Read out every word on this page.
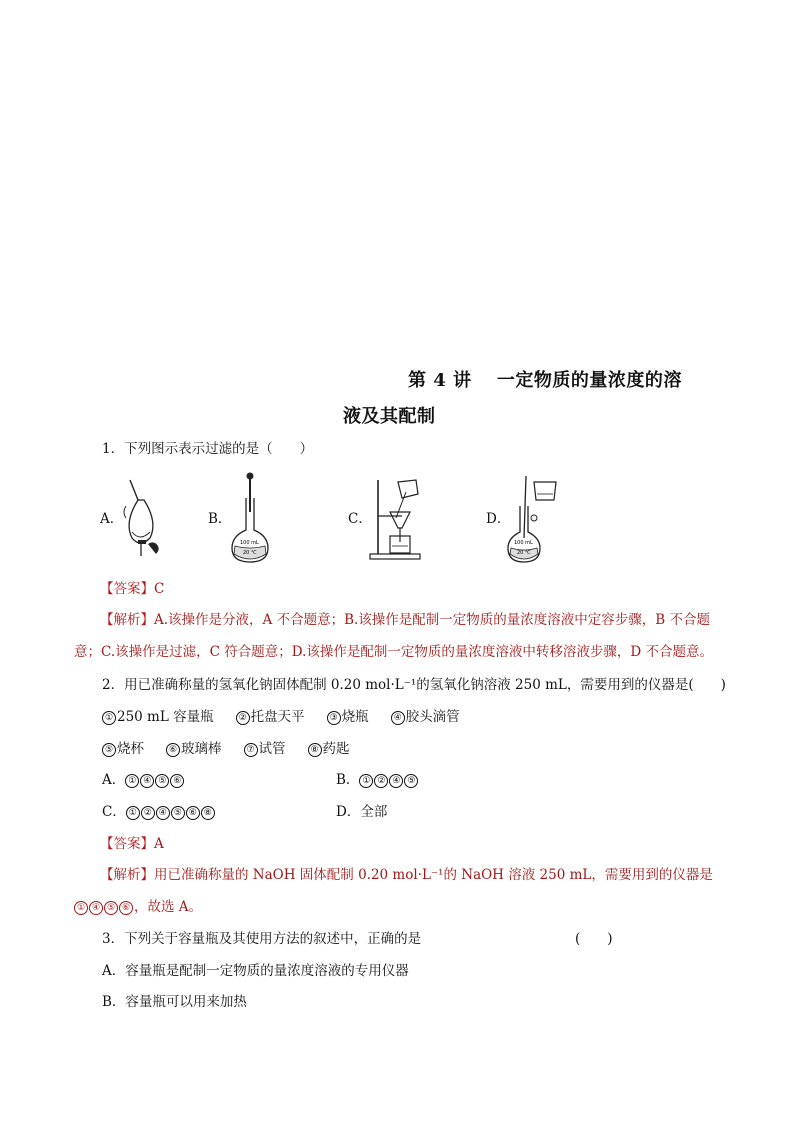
第 4 讲　 一定物质的量浓度的溶
液及其配制
1．下列图示表示过滤的是（　　）
A．	B．
100 mL
20 ℃
C．	D．
100 mL
20 ℃
【答案】C
【解析】A.该操作是分液，A 不合题意；B.该操作是配制一定物质的量浓度溶液中定容步骤，B 不合题
意；C.该操作是过滤，C 符合题意；D.该操作是配制一定物质的量浓度溶液中转移溶液步骤，D 不合题意。
2．用已准确称量的氢氧化钠固体配制 0.20 mol·L⁻¹的氢氧化钠溶液 250 mL，需要用到的仪器是(　　)
① 250 mL 容量瓶	② 托盘天平	③ 烧瓶	④ 胶头滴管
⑤ 烧杯	⑥ 玻璃棒	⑦ 试管	⑧ 药匙
A． ① ④ ⑤ ⑥	B． ① ② ④ ⑤
C． ① ② ④ ⑤ ⑥ ⑧	D．全部
【答案】A
【解析】用已准确称量的 NaOH 固体配制 0.20 mol·L⁻¹的 NaOH 溶液 250 mL，需要用到的仪器是
① ④ ⑤ ⑥ ，故选 A。
3．下列关于容量瓶及其使用方法的叙述中，正确的是	(　　)
A．容量瓶是配制一定物质的量浓度溶液的专用仪器
B．容量瓶可以用来加热
